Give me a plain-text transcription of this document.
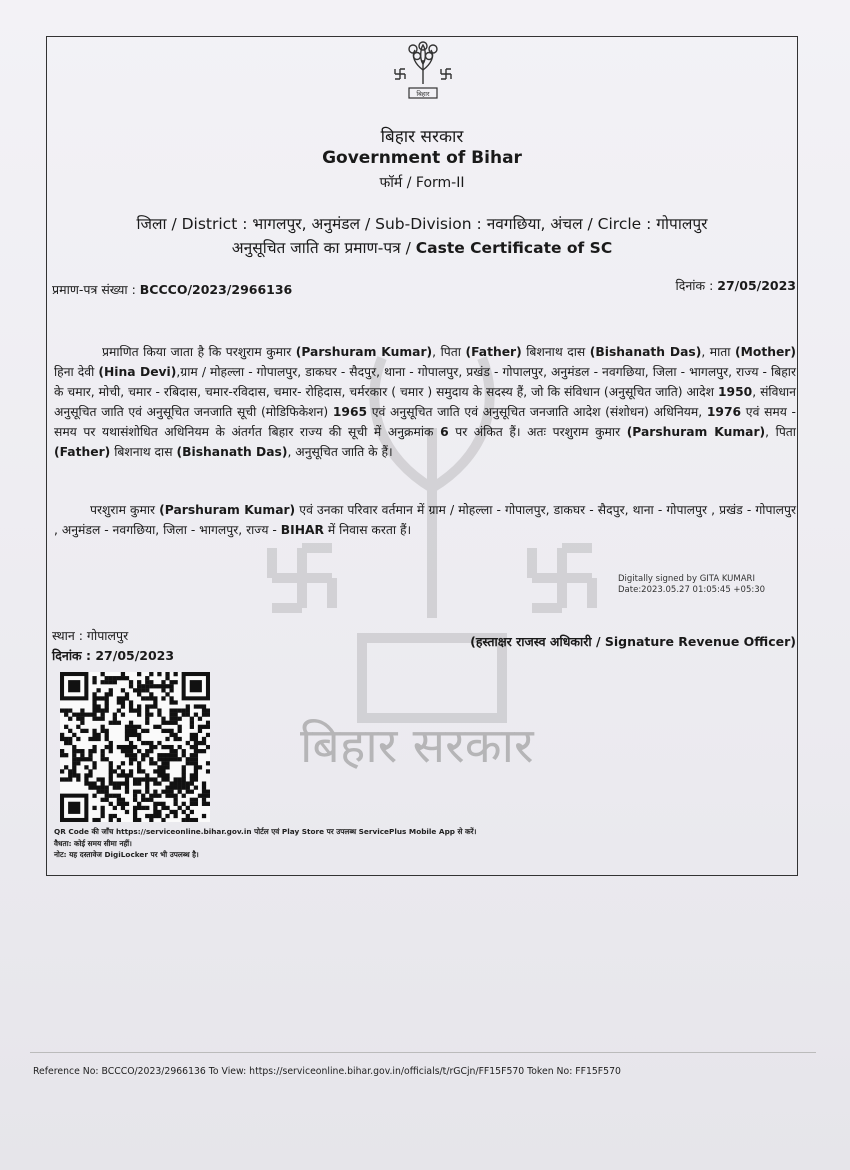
बिहार
बिहार सरकार
Government of Bihar
फॉर्म / Form-II
जिला / District : भागलपुर, अनुमंडल / Sub-Division : नवगछिया, अंचल / Circle : गोपालपुर
अनुसूचित जाति का प्रमाण-पत्र / Caste Certificate of SC
प्रमाण-पत्र संख्या : BCCCO/2023/2966136	दिनांक : 27/05/2023
बिहार सरकार
प्रमाणित किया जाता है कि परशुराम कुमार (Parshuram Kumar), पिता (Father) बिशनाथ दास (Bishanath Das), माता (Mother) हिना देवी (Hina Devi),ग्राम / मोहल्ला - गोपालपुर, डाकघर - सैदपुर, थाना - गोपालपुर, प्रखंड - गोपालपुर, अनुमंडल - नवगछिया, जिला - भागलपुर, राज्य - बिहार के चमार, मोची, चमार - रबिदास, चमार-रविदास, चमार- रोहिदास, चर्मरकार ( चमार ) समुदाय के सदस्य हैं, जो कि संविधान (अनुसूचित जाति) आदेश 1950, संविधान अनुसूचित जाति एवं अनुसूचित जनजाति सूची (मोडिफिकेशन) 1965 एवं अनुसूचित जाति एवं अनुसूचित जनजाति आदेश (संशोधन) अधिनियम, 1976 एवं समय - समय पर यथासंशोधित अधिनियम के अंतर्गत बिहार राज्य की सूची में अनुक्रमांक 6 पर अंकित हैं। अतः परशुराम कुमार (Parshuram Kumar), पिता (Father) बिशनाथ दास (Bishanath Das), अनुसूचित जाति के हैं।
परशुराम कुमार (Parshuram Kumar) एवं उनका परिवार वर्तमान में ग्राम / मोहल्ला - गोपालपुर, डाकघर - सैदपुर, थाना - गोपालपुर , प्रखंड - गोपालपुर , अनुमंडल - नवगछिया, जिला - भागलपुर, राज्य - BIHAR में निवास करता हैं।
Digitally signed by GITA KUMARI
Date:2023.05.27 01:05:45 +05:30
स्थान : गोपालपुर
दिनांक : 27/05/2023
(हस्ताक्षर राजस्व अधिकारी / Signature Revenue Officer)
QR Code की जाँच https://serviceonline.bihar.gov.in पोर्टल एवं Play Store पर उपलब्ध ServicePlus Mobile App से करें।
वैधता: कोई समय सीमा नहीं।
नोट: यह दस्तावेज DigiLocker पर भी उपलब्ध है।
Reference No: BCCCO/2023/2966136 To View: https://serviceonline.bihar.gov.in/officials/t/rGCjn/FF15F570 Token No: FF15F570
